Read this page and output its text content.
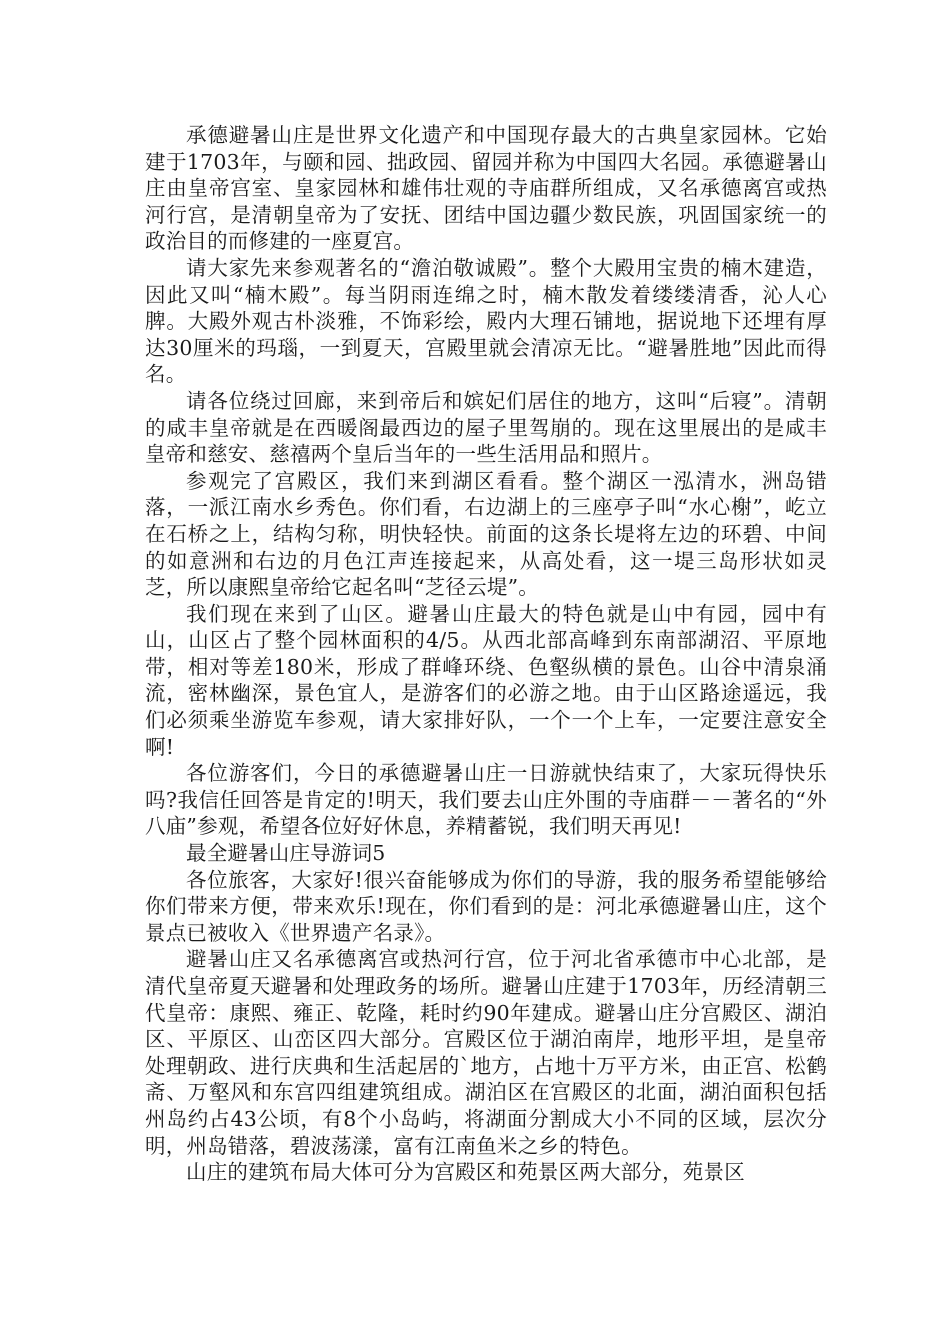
承德避暑山庄是世界文化遗产和中国现存最大的古典皇家园林。它始建于1703年，与颐和园、拙政园、留园并称为中国四大名园。承德避暑山庄由皇帝宫室、皇家园林和雄伟壮观的寺庙群所组成，又名承德离宫或热河行宫，是清朝皇帝为了安抚、团结中国边疆少数民族，巩固国家统一的政治目的而修建的一座夏宫。

请大家先来参观著名的“澹泊敬诚殿”。整个大殿用宝贵的楠木建造，因此又叫“楠木殿”。每当阴雨连绵之时，楠木散发着缕缕清香，沁人心脾。大殿外观古朴淡雅，不饰彩绘，殿内大理石铺地，据说地下还埋有厚达30厘米的玛瑙，一到夏天，宫殿里就会清凉无比。“避暑胜地”因此而得名。

请各位绕过回廊，来到帝后和嫔妃们居住的地方，这叫“后寝”。清朝的咸丰皇帝就是在西暖阁最西边的屋子里驾崩的。现在这里展出的是咸丰皇帝和慈安、慈禧两个皇后当年的一些生活用品和照片。

参观完了宫殿区，我们来到湖区看看。整个湖区一泓清水，洲岛错落，一派江南水乡秀色。你们看，右边湖上的三座亭子叫“水心榭”，屹立在石桥之上，结构匀称，明快轻快。前面的这条长堤将左边的环碧、中间的如意洲和右边的月色江声连接起来，从高处看，这一堤三岛形状如灵芝，所以康熙皇帝给它起名叫“芝径云堤”。

我们现在来到了山区。避暑山庄最大的特色就是山中有园，园中有山，山区占了整个园林面积的4/5。从西北部高峰到东南部湖沼、平原地带，相对等差180米，形成了群峰环绕、色壑纵横的景色。山谷中清泉涌流，密林幽深，景色宜人，是游客们的必游之地。由于山区路途遥远，我们必须乘坐游览车参观，请大家排好队，一个一个上车，一定要注意安全啊!

各位游客们，今日的承德避暑山庄一日游就快结束了，大家玩得快乐吗?我信任回答是肯定的!明天，我们要去山庄外围的寺庙群－－著名的“外八庙”参观，希望各位好好休息，养精蓄锐，我们明天再见!

最全避暑山庄导游词5

各位旅客，大家好!很兴奋能够成为你们的导游，我的服务希望能够给你们带来方便，带来欢乐!现在，你们看到的是：河北承德避暑山庄，这个景点已被收入《世界遗产名录》。

避暑山庄又名承德离宫或热河行宫，位于河北省承德市中心北部，是清代皇帝夏天避暑和处理政务的场所。避暑山庄建于1703年，历经清朝三代皇帝：康熙、雍正、乾隆，耗时约90年建成。避暑山庄分宫殿区、湖泊区、平原区、山峦区四大部分。宫殿区位于湖泊南岸，地形平坦，是皇帝处理朝政、进行庆典和生活起居的`地方，占地十万平方米，由正宫、松鹤斋、万壑风和东宫四组建筑组成。湖泊区在宫殿区的北面，湖泊面积包括州岛约占43公顷，有8个小岛屿，将湖面分割成大小不同的区域，层次分明，州岛错落，碧波荡漾，富有江南鱼米之乡的特色。

山庄的建筑布局大体可分为宫殿区和苑景区两大部分，苑景区
